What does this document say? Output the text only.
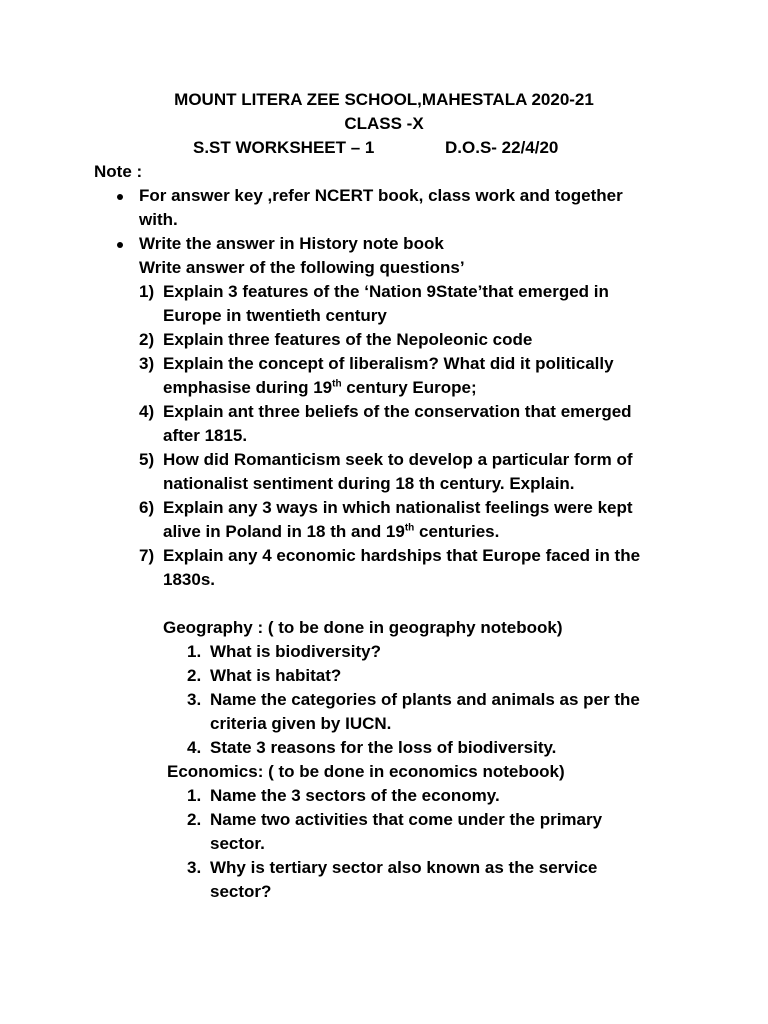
MOUNT LITERA ZEE SCHOOL,MAHESTALA 2020-21
CLASS -X
S.ST WORKSHEET – 1	D.O.S- 22/4/20
Note :
For answer key ,refer NCERT book, class work and together
with.
Write the answer in History note book
Write answer of the following questions’
1) Explain 3 features of the ‘Nation 9State’that emerged in
Europe in twentieth century
2) Explain three features of the Nepoleonic code
3) Explain the concept of liberalism? What did it politically
emphasise during 19th century Europe;
4) Explain ant three beliefs of the conservation that emerged
after 1815.
5) How did Romanticism seek to develop a particular form of
nationalist sentiment during 18 th century. Explain.
6) Explain any 3 ways in which nationalist feelings were kept
alive in Poland in 18 th and 19th centuries.
7) Explain any 4 economic hardships that Europe faced in the
1830s.
Geography : ( to be done in geography notebook)
1. What is biodiversity?
2. What is habitat?
3. Name the categories of plants and animals as per the
criteria given by IUCN.
4. State 3 reasons for the loss of biodiversity.
Economics: ( to be done in economics notebook)
1. Name the 3 sectors of the economy.
2. Name two activities that come under the primary
sector.
3. Why is tertiary sector also known as the service
sector?
